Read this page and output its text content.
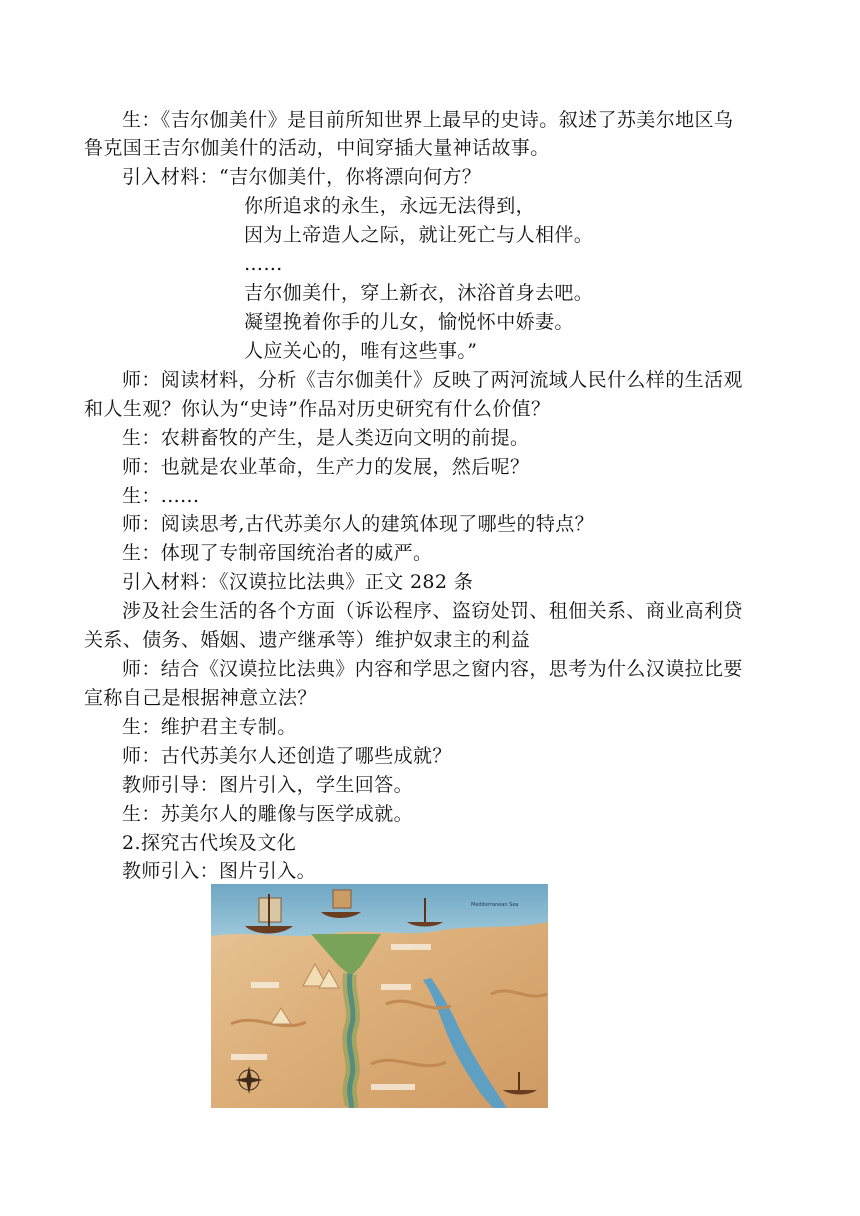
生：《吉尔伽美什》是目前所知世界上最早的史诗。叙述了苏美尔地区乌
鲁克国王吉尔伽美什的活动，中间穿插大量神话故事。
引入材料：“吉尔伽美什，你将漂向何方？
你所追求的永生，永远无法得到，
因为上帝造人之际，就让死亡与人相伴。
……
吉尔伽美什，穿上新衣，沐浴首身去吧。
凝望挽着你手的儿女，愉悦怀中娇妻。
人应关心的，唯有这些事。”
师：阅读材料，分析《吉尔伽美什》反映了两河流域人民什么样的生活观
和人生观？你认为“史诗”作品对历史研究有什么价值？
生：农耕畜牧的产生，是人类迈向文明的前提。
师：也就是农业革命，生产力的发展，然后呢？
生：......
师：阅读思考,古代苏美尔人的建筑体现了哪些的特点？
生：体现了专制帝国统治者的威严。
引入材料：《汉谟拉比法典》正文 282 条
涉及社会生活的各个方面（诉讼程序、盗窃处罚、租佃关系、商业高利贷
关系、债务、婚姻、遗产继承等）维护奴隶主的利益
师：结合《汉谟拉比法典》内容和学思之窗内容，思考为什么汉谟拉比要
宣称自己是根据神意立法？
生：维护君主专制。
师：古代苏美尔人还创造了哪些成就？
教师引导：图片引入，学生回答。
生：苏美尔人的雕像与医学成就。
2.探究古代埃及文化
教师引入：图片引入。
Mediterranean Sea
